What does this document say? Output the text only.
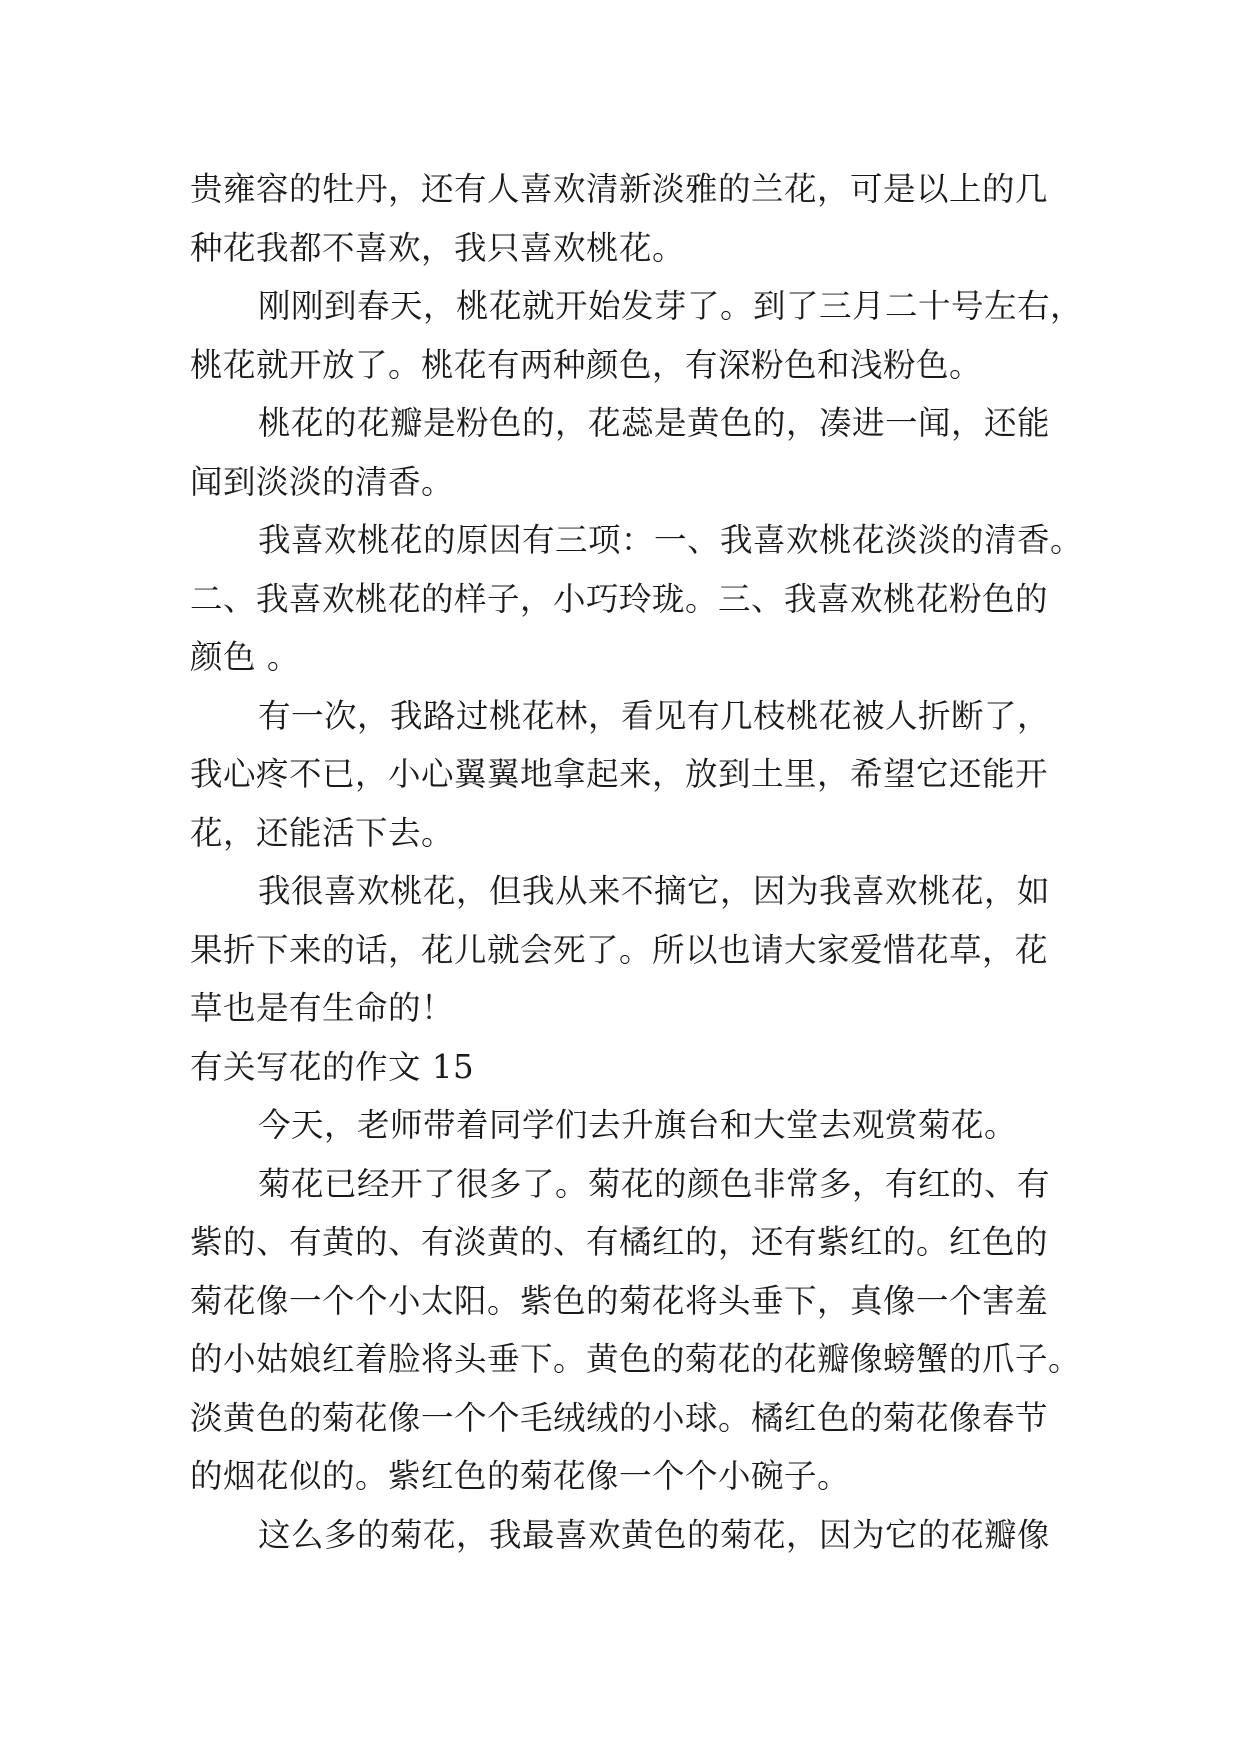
贵雍容的牡丹，还有人喜欢清新淡雅的兰花，可是以上的几
种花我都不喜欢，我只喜欢桃花。
刚刚到春天，桃花就开始发芽了。到了三月二十号左右，
桃花就开放了。桃花有两种颜色，有深粉色和浅粉色。
桃花的花瓣是粉色的，花蕊是黄色的，凑进一闻，还能
闻到淡淡的清香。
我喜欢桃花的原因有三项：一、我喜欢桃花淡淡的清香。
二、我喜欢桃花的样子，小巧玲珑。三、我喜欢桃花粉色的
颜色 。
有一次，我路过桃花林，看见有几枝桃花被人折断了，
我心疼不已，小心翼翼地拿起来，放到土里，希望它还能开
花，还能活下去。
我很喜欢桃花，但我从来不摘它，因为我喜欢桃花，如
果折下来的话，花儿就会死了。所以也请大家爱惜花草，花
草也是有生命的！
有关写花的作文 15
今天，老师带着同学们去升旗台和大堂去观赏菊花。
菊花已经开了很多了。菊花的颜色非常多，有红的、有
紫的、有黄的、有淡黄的、有橘红的，还有紫红的。红色的
菊花像一个个小太阳。紫色的菊花将头垂下，真像一个害羞
的小姑娘红着脸将头垂下。黄色的菊花的花瓣像螃蟹的爪子。
淡黄色的菊花像一个个毛绒绒的小球。橘红色的菊花像春节
的烟花似的。紫红色的菊花像一个个小碗子。
这么多的菊花，我最喜欢黄色的菊花，因为它的花瓣像
